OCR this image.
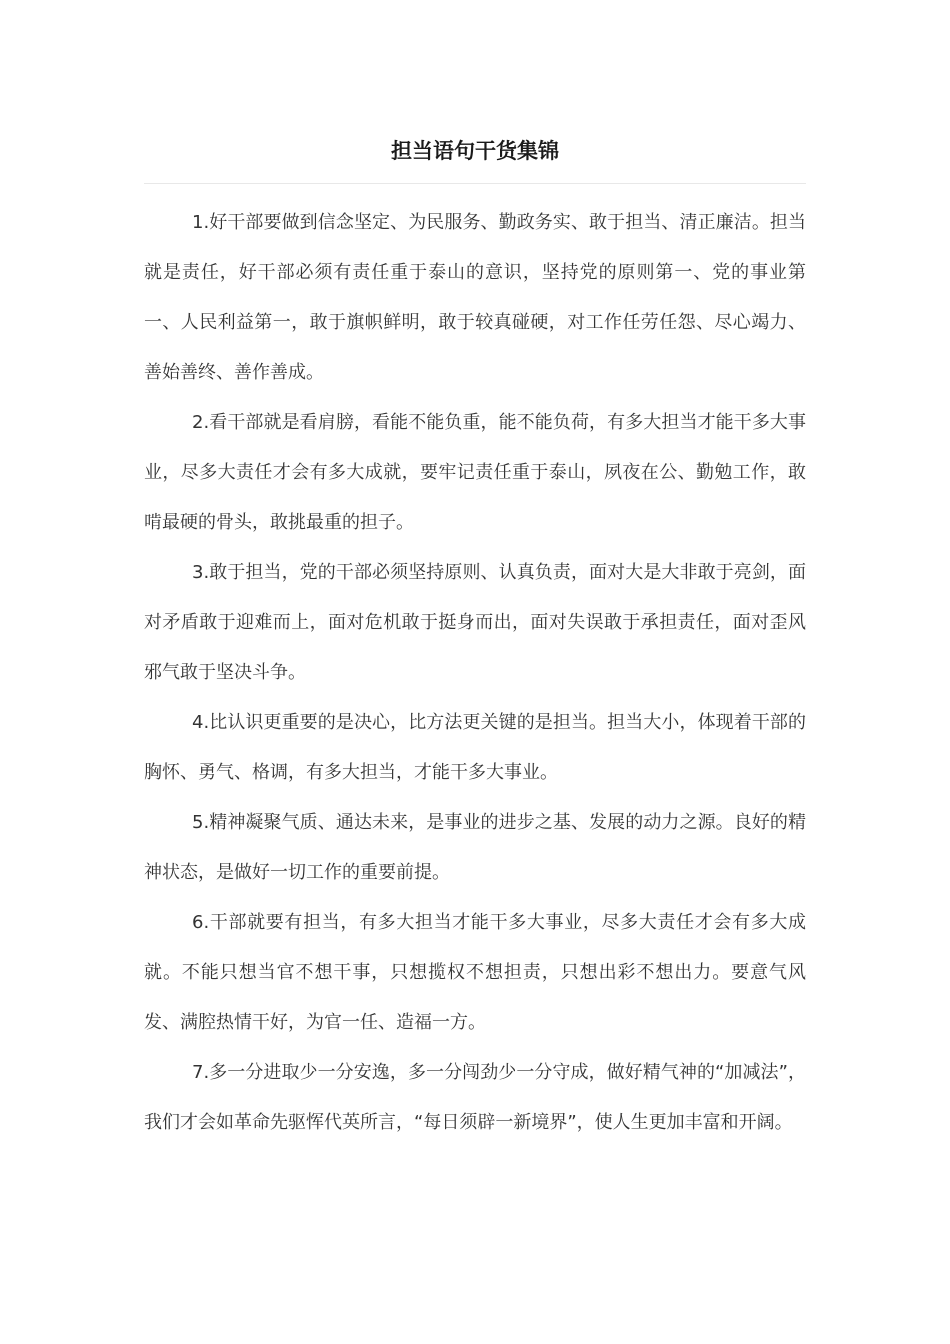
担当语句干货集锦

1.好干部要做到信念坚定、为民服务、勤政务实、敢于担当、清正廉洁。担当就是责任，好干部必须有责任重于泰山的意识，坚持党的原则第一、党的事业第一、人民利益第一，敢于旗帜鲜明，敢于较真碰硬，对工作任劳任怨、尽心竭力、善始善终、善作善成。

2.看干部就是看肩膀，看能不能负重，能不能负荷，有多大担当才能干多大事业，尽多大责任才会有多大成就，要牢记责任重于泰山，夙夜在公、勤勉工作，敢啃最硬的骨头，敢挑最重的担子。

3.敢于担当，党的干部必须坚持原则、认真负责，面对大是大非敢于亮剑，面对矛盾敢于迎难而上，面对危机敢于挺身而出，面对失误敢于承担责任，面对歪风邪气敢于坚决斗争。

4.比认识更重要的是决心，比方法更关键的是担当。担当大小，体现着干部的胸怀、勇气、格调，有多大担当，才能干多大事业。

5.精神凝聚气质、通达未来，是事业的进步之基、发展的动力之源。良好的精神状态，是做好一切工作的重要前提。

6.干部就要有担当，有多大担当才能干多大事业，尽多大责任才会有多大成就。不能只想当官不想干事，只想揽权不想担责，只想出彩不想出力。要意气风发、满腔热情干好，为官一任、造福一方。

7.多一分进取少一分安逸，多一分闯劲少一分守成，做好精气神的“加减法”，我们才会如革命先驱恽代英所言，“每日须辟一新境界”，使人生更加丰富和开阔。
